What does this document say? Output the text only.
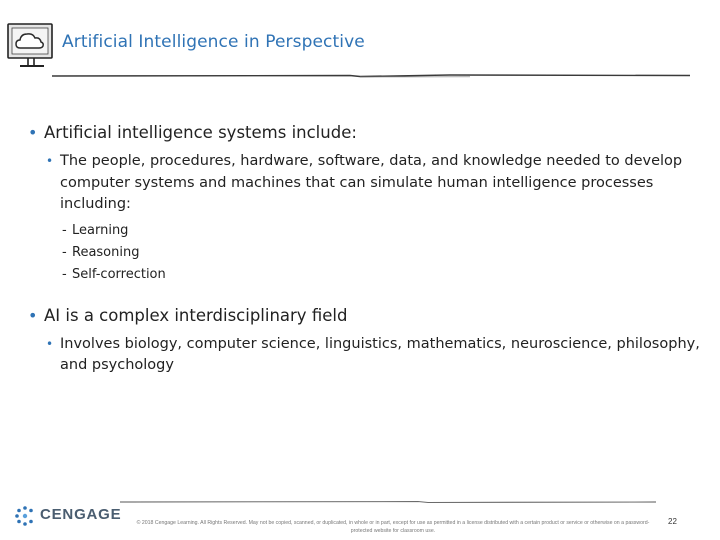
Artificial Intelligence in Perspective
• Artificial intelligence systems include:
• The people, procedures, hardware, software, data, and knowledge needed to develop computer systems and machines that can simulate human intelligence processes including:
- Learning
- Reasoning
- Self-correction
• AI is a complex interdisciplinary field
• Involves biology, computer science, linguistics, mathematics, neuroscience, philosophy, and psychology
CENGAGE	© 2018 Cengage Learning. All Rights Reserved. May not be copied, scanned, or duplicated, in whole or in part, except for use as permitted in a license distributed with a certain product or service or otherwise on a password-protected website for classroom use.
22
